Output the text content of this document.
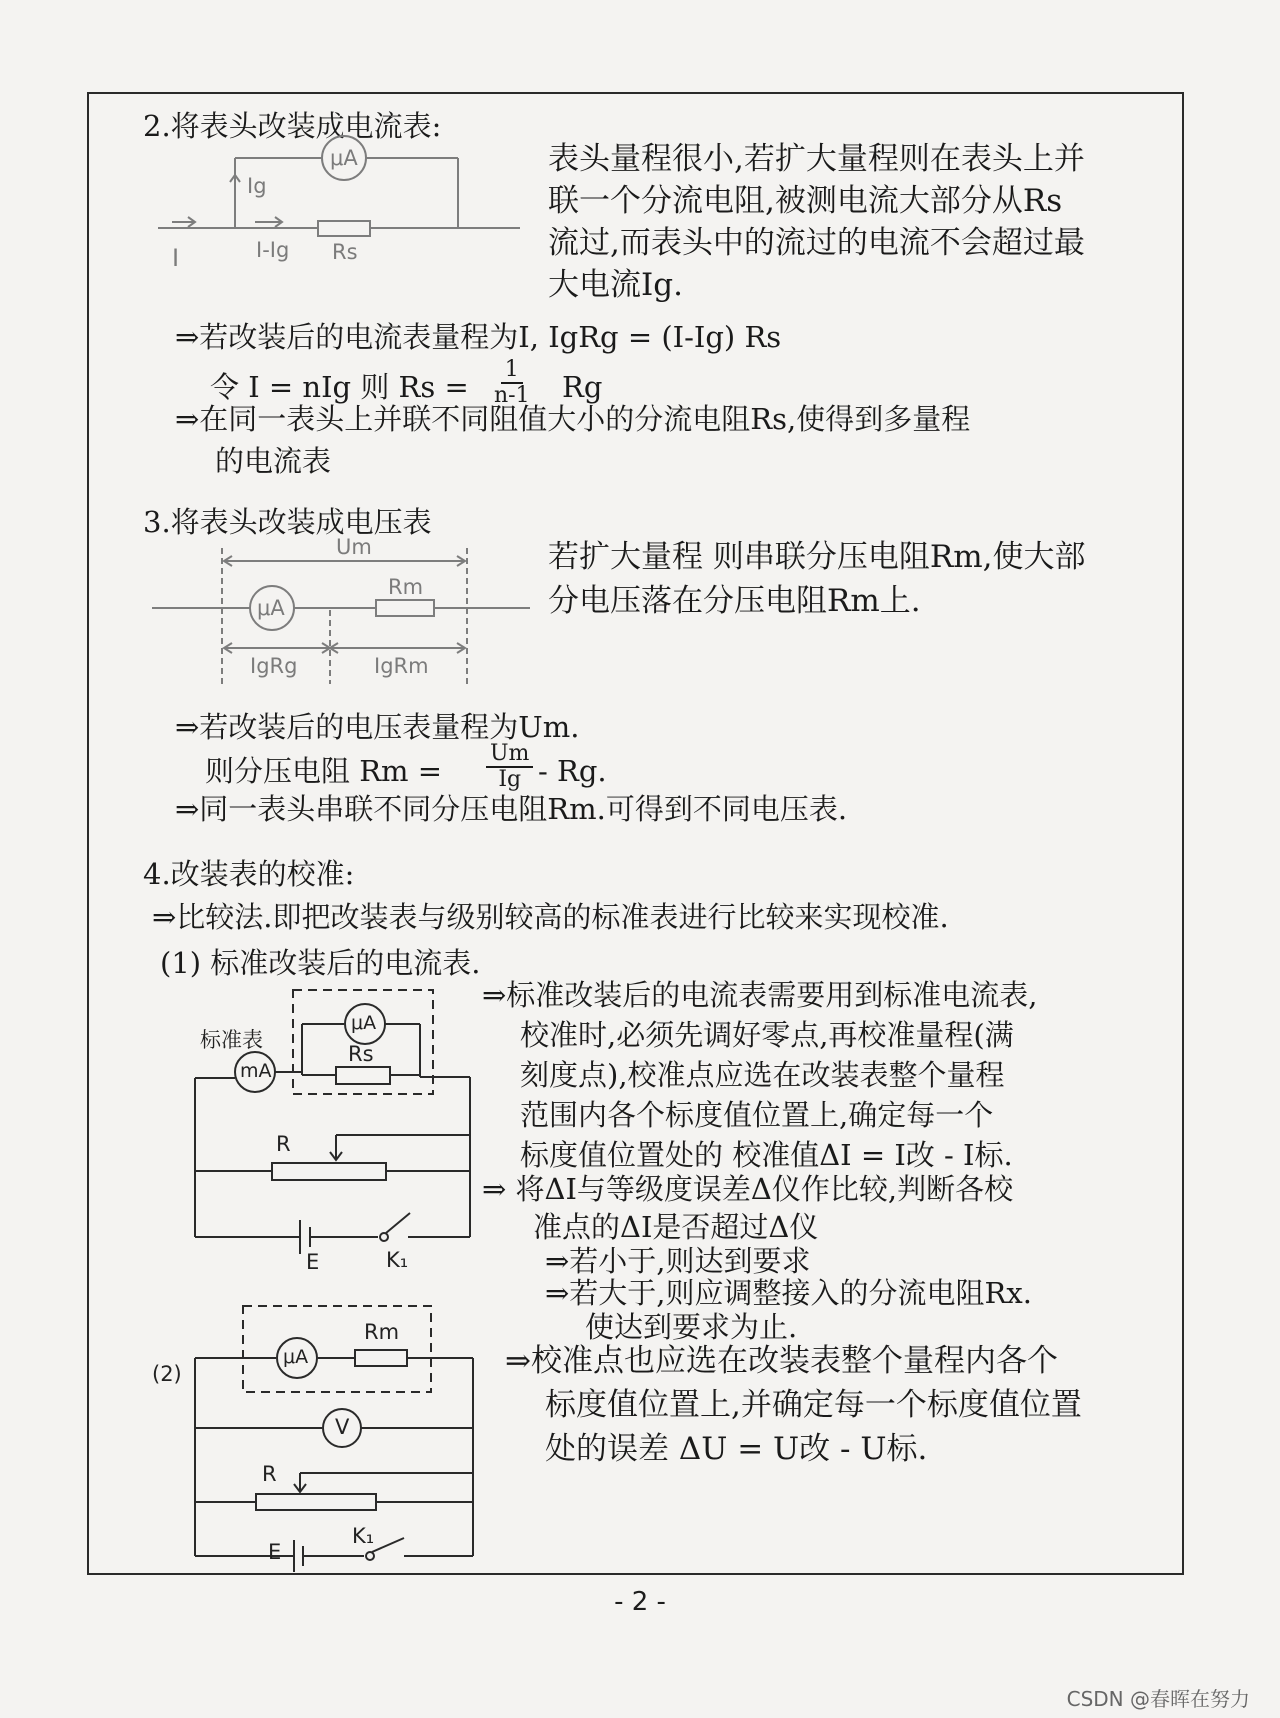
2.将表头改装成电流表:
μA
Ig
I	I-Ig Rs
表头量程很小,若扩大量程则在表头上并
联一个分流电阻,被测电流大部分从Rs
流过,而表头中的流过的电流不会超过最
大电流Ig.
⇒若改装后的电流表量程为I, IgRg = (I-Ig) Rs
令 I = nIg 则 $Rs = \frac{1}{n-1}$ Rg
⇒在同一表头上并联不同阻值大小的分流电阻Rs,使得到多量程
的电流表
3.将表头改装成电压表
Um
Rm
μA
IgRg	IgRm
若扩大量程 则串联分压电阻Rm,使大部
分电压落在分压电阻Rm上.
⇒若改装后的电压表量程为Um.
则分压电阻 $Rm = \frac{Um}{Ig} - Rg$.
⇒同一表头串联不同分压电阻Rm.可得到不同电压表.
4.改装表的校准:
⇒比较法.即把改装表与级别较高的标准表进行比较来实现校准.
(1) 标准改装后的电流表.
标准表
mA
μA
Rs
R
E	K₁
⇒标准改装后的电流表需要用到标准电流表,
校准时,必须先调好零点,再校准量程(满
刻度点),校准点应选在改装表整个量程
范围内各个标度值位置上,确定每一个
标度值位置处的 校准值ΔI = I改 - I标.
⇒ 将ΔI与等级度误差Δ仪作比较,判断各校
准点的ΔI是否超过Δ仪
⇒若小于,则达到要求
⇒若大于,则应调整接入的分流电阻Rx.
使达到要求为止.
(2)
μA
Rm
V
R
E
K₁
⇒校准点也应选在改装表整个量程内各个
标度值位置上,并确定每一个标度值位置
处的误差 ΔU = U改 - U标.
- 2 -
CSDN @春晖在努力
